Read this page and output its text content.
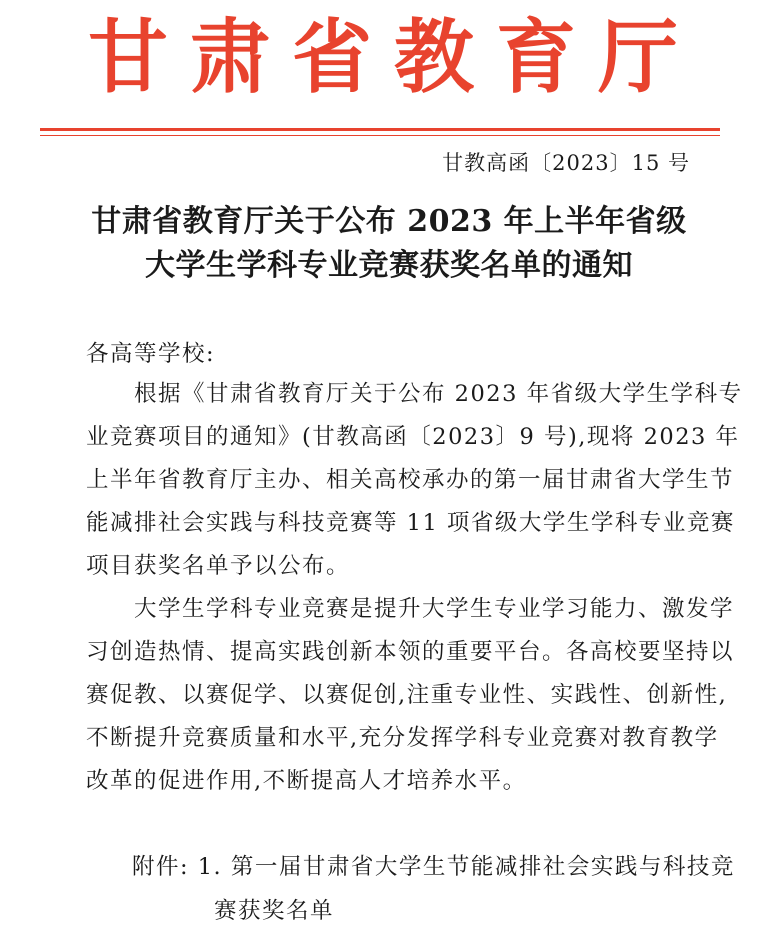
甘肃省教育厅
甘教高函〔2023〕15 号
甘肃省教育厅关于公布 2023 年上半年省级
大学生学科专业竞赛获奖名单的通知
各高等学校:
根据《甘肃省教育厅关于公布 2023 年省级大学生学科专
业竞赛项目的通知》(甘教高函〔2023〕9 号),现将 2023 年
上半年省教育厅主办、相关高校承办的第一届甘肃省大学生节
能减排社会实践与科技竞赛等 11 项省级大学生学科专业竞赛
项目获奖名单予以公布。
大学生学科专业竞赛是提升大学生专业学习能力、激发学
习创造热情、提高实践创新本领的重要平台。各高校要坚持以
赛促教、以赛促学、以赛促创,注重专业性、实践性、创新性,
不断提升竞赛质量和水平,充分发挥学科专业竞赛对教育教学
改革的促进作用,不断提高人才培养水平。
附件: 1. 第一届甘肃省大学生节能减排社会实践与科技竞
赛获奖名单
